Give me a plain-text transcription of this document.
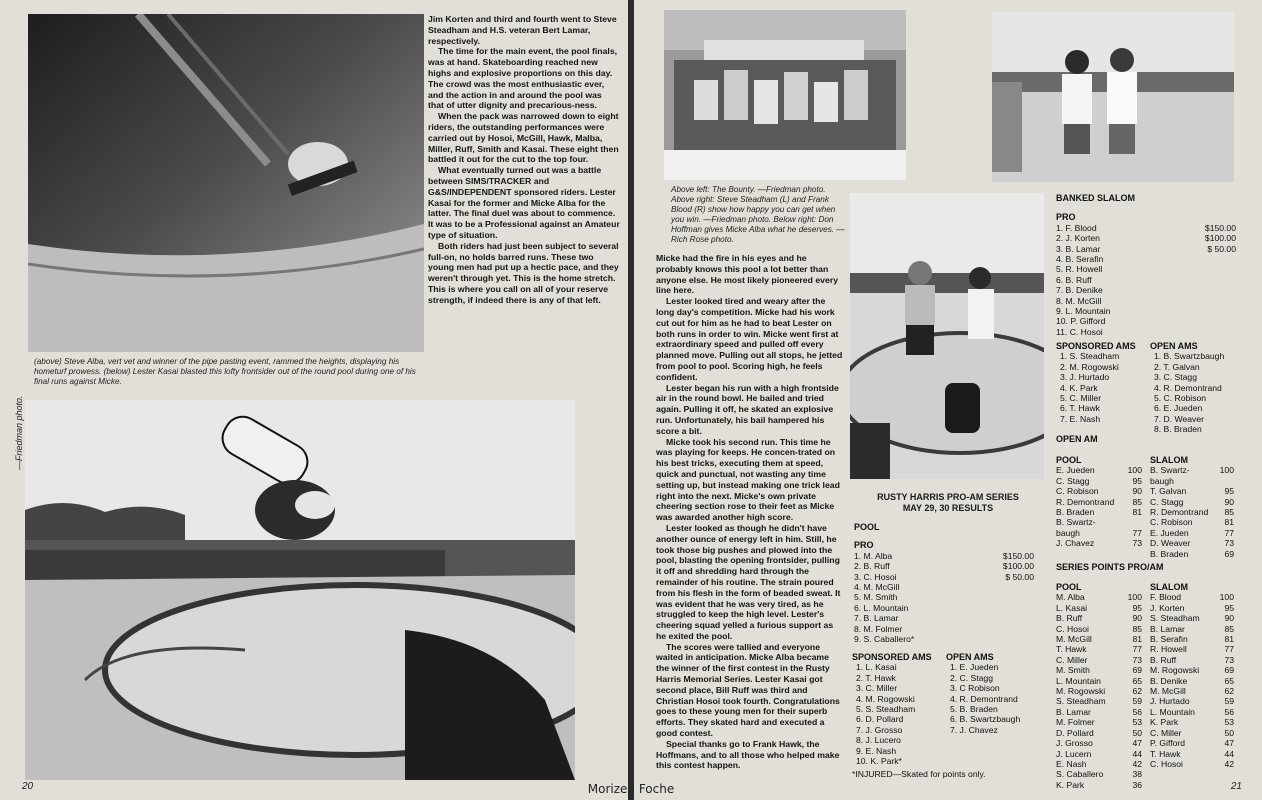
(above) Steve Alba, vert vet and winner of the pipe pasting event, rammed the heights, displaying his hometurf prowess. (below) Lester Kasai blasted this lofty frontsider out of the round pool during one of his final runs against Micke.

Jim Korten and third and fourth went to Steve Steadham and H.S. veteran Bert Lamar, respectively.

The time for the main event, the pool finals, was at hand. Skateboarding reached new highs and explosive proportions on this day. The crowd was the most enthusiastic ever, and the action in and around the pool was that of utter dignity and precarious-ness.

When the pack was narrowed down to eight riders, the outstanding performances were carried out by Hosoi, McGill, Hawk, Malba, Miller, Ruff, Smith and Kasai. These eight then battled it out for the cut to the top four.

What eventually turned out was a battle between SIMS/TRACKER and G&S/INDEPENDENT sponsored riders. Lester Kasai for the former and Micke Alba for the latter. The final duel was about to commence. It was to be a Professional against an Amateur type of situation.

Both riders had just been subject to several full-on, no holds barred runs. These two young men had put up a hectic pace, and they weren't through yet. This is the home stretch. This is where you call on all of your reserve strength, if indeed there is any of that left.

—Friedman photo.
20
Above left: The Bounty. —Friedman photo. Above right: Steve Steadham (L) and Frank Blood (R) show how happy you can get when you win. —Friedman photo. Below right: Don Hoffman gives Micke Alba what he deserves. —Rich Rose photo.

Micke had the fire in his eyes and he probably knows this pool a lot better than anyone else. He most likely pioneered every line here.

Lester looked tired and weary after the long day's competition. Micke had his work cut out for him as he had to beat Lester on both runs in order to win. Micke went first at extraordinary speed and pulled off every planned move. Pulling out all stops, he jetted from pool to pool. Scoring high, he feels confident.

Lester began his run with a high frontside air in the round bowl. He bailed and tried again. Pulling it off, he skated an explosive run. Unfortunately, his bail hampered his score a bit.

Micke took his second run. This time he was playing for keeps. He concen-trated on his best tricks, executing them at speed, quick and punctual, not wasting any time setting up, but instead making one trick lead right into the next. Micke's own private cheering section rose to their feet as Micke was awarded another high score.

Lester looked as though he didn't have another ounce of energy left in him. Still, he took those big pushes and plowed into the pool, blasting the opening frontsider, pulling it off and shredding hard through the remainder of his routine. The strain poured from his flesh in the form of beaded sweat. It was evident that he was very tired, as he struggled to keep the high level. Lester's cheering squad yelled a furious support as he exited the pool.

The scores were tallied and everyone waited in anticipation. Micke Alba became the winner of the first contest in the Rusty Harris Memorial Series. Lester Kasai got second place, Bill Ruff was third and Christian Hosoi took fourth. Congratulations goes to these young men for their superb efforts. They skated hard and executed a good contest.

Special thanks go to Frank Hawk, the Hoffmans, and to all those who helped make this contest happen.

RUSTY HARRIS PRO-AM SERIES
MAY 29, 30 RESULTS
POOL
PRO
1. M. Alba	$150.00
2. B. Ruff	$100.00
3. C. Hosoi	$ 50.00
4. M. McGill
5. M. Smith
6. L. Mountain
7. B. Lamar
8. M. Folmer
9. S. Caballero*
SPONSORED AMS
1. L. Kasai
2. T. Hawk
3. C. Miller
4. M. Rogowski
5. S. Steadham
6. D. Pollard
7. J. Grosso
8. J. Lucero
9. E. Nash
10. K. Park*
OPEN AMS
1. E. Jueden
2. C. Stagg
3. C Robison
4. R. Demontrand
5. B. Braden
6. B. Swartzbaugh
7. J. Chavez
*INJURED—Skated for points only.
BANKED SLALOM
PRO
1. F. Blood	$150.00
2. J. Korten	$100.00
3. B. Lamar	$ 50.00
4. B. Serafin
5. R. Howell
6. B. Ruff
7. B. Denike
8. M. McGill
9. L. Mountain
10. P. Gifford
11. C. Hosoi
SPONSORED AMS
1. S. Steadham
2. M. Rogowski
3. J. Hurtado
4. K. Park
5. C. Miller
6. T. Hawk
7. E. Nash
OPEN AMS
1. B. Swartzbaugh
2. T. Galvan
3. C. Stagg
4. R. Demontrand
5. C. Robison
6. E. Jueden
7. D. Weaver
8. B. Braden
OPEN AM
POOL
E. Jueden	100
C. Stagg	95
C. Robison	90
R. Demontrand	85
B. Braden	81
B. Swartz-
baugh	77
J. Chavez	73
SLALOM
B. Swartz-	100
baugh
T. Galvan	95
C. Stagg	90
R. Demontrand	85
C. Robison	81
E. Jueden	77
D. Weaver	73
B. Braden	69
SERIES POINTS PRO/AM
POOL
M. Alba	100
L. Kasai	95
B. Ruff	90
C. Hosoi	85
M. McGill	81
T. Hawk	77
C. Miller	73
M. Smith	69
L. Mountain	65
M. Rogowski	62
S. Steadham	59
B. Lamar	56
M. Folmer	53
D. Pollard	50
J. Grosso	47
J. Lucern	44
E. Nash	42
S. Caballero	38
K. Park	36
SLALOM
F. Blood	100
J. Korten	95
S. Steadham	90
B. Lamar	85
B. Serafin	81
R. Howell	77
B. Ruff	73
M. Rogowski	69
B. Denike	65
M. McGill	62
J. Hurtado	59
L. Mountain	56
K. Park	53
C. Miller	50
P. Gifford	47
T. Hawk	44
C. Hosoi	42
21
Morizen Foche
